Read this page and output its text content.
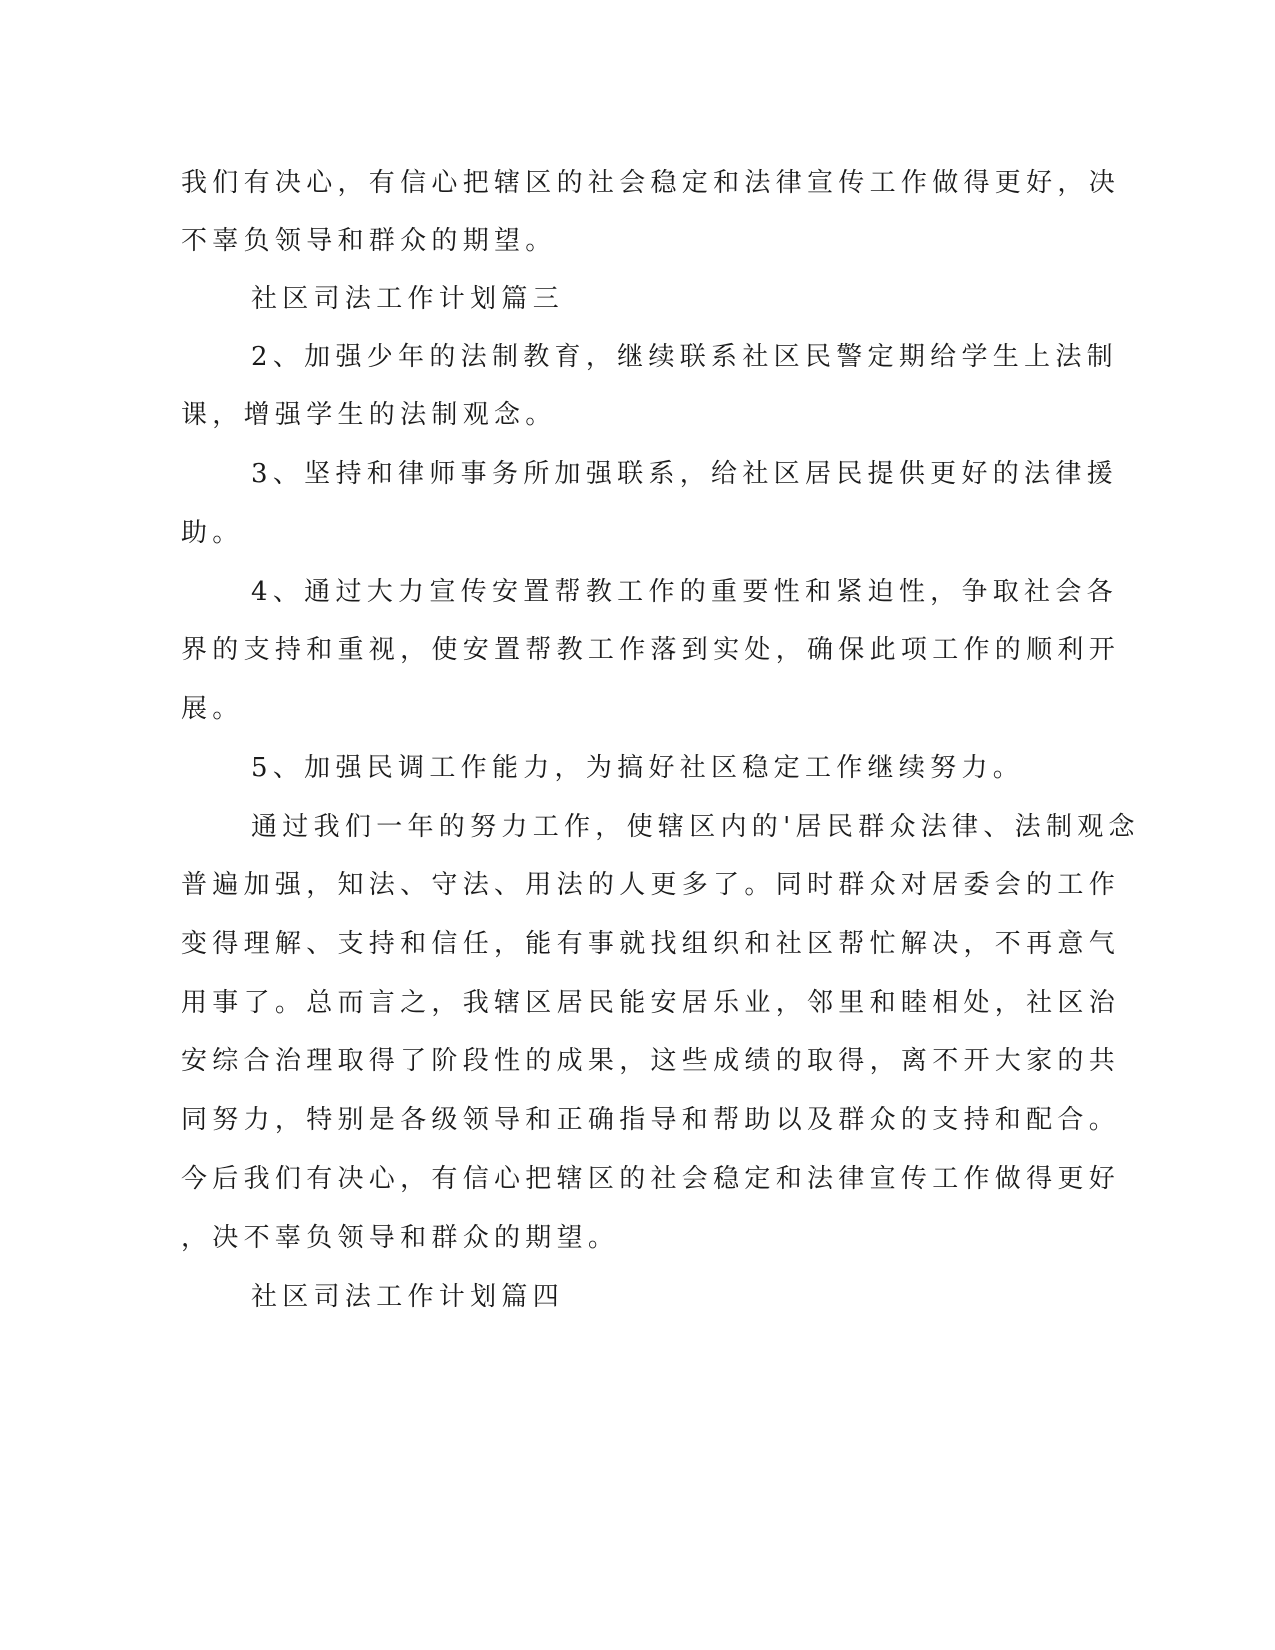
我们有决心，有信心把辖区的社会稳定和法律宣传工作做得更好，决
不辜负领导和群众的期望。
社区司法工作计划篇三
2、加强少年的法制教育，继续联系社区民警定期给学生上法制
课，增强学生的法制观念。
3、坚持和律师事务所加强联系，给社区居民提供更好的法律援
助。
4、通过大力宣传安置帮教工作的重要性和紧迫性，争取社会各
界的支持和重视，使安置帮教工作落到实处，确保此项工作的顺利开
展。
5、加强民调工作能力，为搞好社区稳定工作继续努力。
通过我们一年的努力工作，使辖区内的'居民群众法律、法制观念
普遍加强，知法、守法、用法的人更多了。同时群众对居委会的工作
变得理解、支持和信任，能有事就找组织和社区帮忙解决，不再意气
用事了。总而言之，我辖区居民能安居乐业，邻里和睦相处，社区治
安综合治理取得了阶段性的成果，这些成绩的取得，离不开大家的共
同努力，特别是各级领导和正确指导和帮助以及群众的支持和配合。
今后我们有决心，有信心把辖区的社会稳定和法律宣传工作做得更好
，决不辜负领导和群众的期望。
社区司法工作计划篇四
